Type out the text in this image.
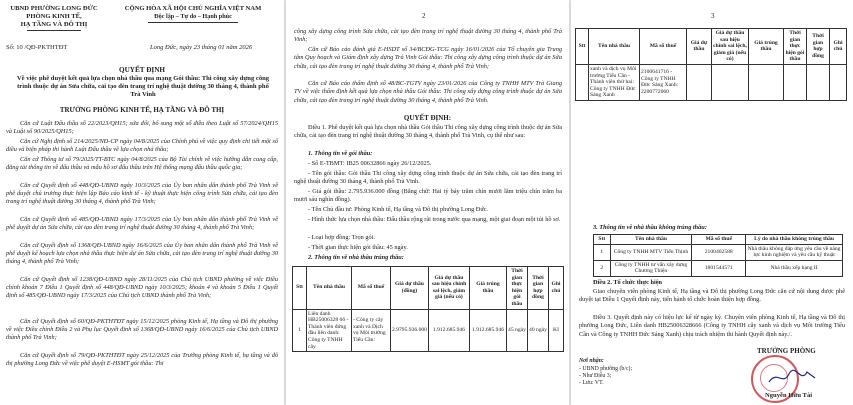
UBND PHƯỜNG LONG ĐỨC
PHÒNG KINH TẾ,
HẠ TẦNG VÀ ĐÔ THỊ
CỘNG HÒA XÃ HỘI CHỦ NGHĨA VIỆT NAM
Độc lập – Tự do – Hạnh phúc
Số: 10 /QĐ-PKTHTĐT	Long Đức, ngày 23 tháng 01 năm 2026
QUYẾT ĐỊNH
Về việc phê duyệt kết quả lựa chọn nhà thầu qua mạng Gói thầu: Thi công xây dựng công trình thuộc dự án Sửa chữa, cải tạo đèn trang trí nghệ thuật đường 30 tháng 4, thành phố Trà Vinh
TRƯỞNG PHÒNG KINH TẾ, HẠ TẦNG VÀ ĐÔ THỊ
Căn cứ Luật Đấu thầu số 22/2023/QH15; sửa đổi, bổ sung một số điều theo Luật số 57/2024/QH15 và Luật số 90/2025/QH15;
Căn cứ Nghị định số 214/2025/NĐ-CP ngày 04/8/2025 của Chính phủ về việc quy định chi tiết một số điều và biện pháp thi hành Luật Đấu thầu về lựa chọn nhà thầu;
Căn cứ Thông tư số 79/2025/TT-BTC ngày 04/8/2025 của Bộ Tài chính về việc hướng dẫn cung cấp, đăng tải thông tin về đấu thầu và mẫu hồ sơ đấu thầu trên Hệ thống mạng đấu thầu quốc gia;
Căn cứ Quyết định số 448/QĐ-UBND ngày 10/3/2025 của Ủy ban nhân dân thành phố Trà Vinh về phê duyệt chủ trương thực hiện lập Báo cáo kinh tế - kỹ thuật thực hiện công trình Sửa chữa, cải tạo đèn trang trí nghệ thuật đường 30 tháng 4, thành phố Trà Vinh;
Căn cứ Quyết định số 485/QĐ-UBND ngày 17/3/2025 của Ủy ban nhân dân thành phố Trà Vinh về phê duyệt dự án Sửa chữa, cải tạo đèn trang trí nghệ thuật đường 30 tháng 4, thành phố Trà Vinh;
Căn cứ Quyết định số 1368/QĐ-UBND ngày 16/6/2025 của Ủy ban nhân dân thành phố Trà Vinh về phê duyệt kế hoạch lựa chọn nhà thầu thực hiện dự án Sửa chữa, cải tạo đèn trang trí nghệ thuật đường 30 tháng 4, thành phố Trà Vinh;
Căn cứ Quyết định số 1238/QĐ-UBND ngày 28/11/2025 của Chủ tịch UBND phường về việc Điều chỉnh khoản 7 Điều 1 Quyết định số 448/QĐ-UBND ngày 10/3/2025; khoản 4 và khoản 5 Điều 1 Quyết định số 485/QĐ-UBND ngày 17/3/2025 của Chủ tịch UBND thành phố Trà Vinh;
Căn cứ Quyết định số 60/QĐ-PKTHTĐT ngày 15/12/2025 phòng Kinh tế, Hạ tầng và Đô thị phường về việc Điều chỉnh Điều 2 và Phụ lục Quyết định số 1368/QĐ-UBND ngày 16/6/2025 của Chủ tịch UBND thành phố Trà Vinh;
Căn cứ Quyết định số 79/QĐ-PKTHTĐT ngày 25/12/2025 của Trưởng phòng Kinh tế, hạ tầng và đô thị phường Long Đức về việc phê duyệt E-HSMT gói thầu: Thi
2
công xây dựng công trình Sửa chữa, cải tạo đèn trang trí nghệ thuật đường 30 tháng 4, thành phố Trà Vinh;
Căn cứ Báo cáo đánh giá E-HSDT số 34/BCĐG-TCG ngày 16/01/2026 của Tổ chuyên gia Trung tâm Quy hoạch và Giám định xây dựng Trà Vinh Gói thầu: Thi công xây dựng công trình thuộc dự án Sửa chữa, cải tạo đèn trang trí nghệ thuật đường 30 tháng 4, thành phố Trà Vinh;
Căn cứ Báo cáo thẩm định số 48/BC-TGTV ngày 23/01/2026 của Công ty TNHH MTV Trà Giang TV về việc thẩm định kết quả lựa chọn nhà thầu Gói thầu: Thi công xây dựng công trình thuộc dự án Sửa chữa, cải tạo đèn trang trí nghệ thuật đường 30 tháng 4, thành phố Trà Vinh.
QUYẾT ĐỊNH:
Điều 1. Phê duyệt kết quả lựa chọn nhà thầu Gói thầu Thi công xây dựng công trình thuộc dự án Sửa chữa, cải tạo đèn trang trí nghệ thuật đường 30 tháng 4, thành phố Trà Vinh, cụ thể như sau:
1. Thông tin về gói thầu:
- Số E-TBMT: IB25 00632866 ngày 26/12/2025.
- Tên gói thầu: Gói thầu Thi công xây dựng công trình thuộc dự án Sửa chữa, cải tạo đèn trang trí nghệ thuật đường 30 tháng 4, thành phố Trà Vinh.
- Giá gói thầu: 2.795.936.000 đồng (Bằng chữ: Hai tỷ bảy trăm chín mươi lăm triệu chín trăm ba mươi sáu nghìn đồng).
- Tên Chủ đầu tư: Phòng Kinh tế, Hạ tầng và Đô thị phường Long Đức.
- Hình thức lựa chọn nhà thầu: Đấu thầu rộng rãi trong nước qua mạng, một giai đoạn một túi hồ sơ.
- Loại hợp đồng: Trọn gói.
- Thời gian thực hiện gói thầu: 45 ngày.
2. Thông tin về nhà thầu trúng thầu:
Stt	Tên nhà thầu	Mã số thuế	Giá dự thầu (đồng)	Giá dự thầu sau hiệu chỉnh sai lệch, giảm giá (nếu có)	Giá trúng thầu	Thời gian thực hiện gói thầu	Thời gian hợp đồng	Ghi chú
1	Liên danh HB25006328 66 - Thành viên đứng đầu liên danh: Công ty TNHH cây	- Công ty cây xanh và Dịch vụ Môi trường Tiểu Cần:	2.9795.936.000	1.912.685.946	1.912.685.946	45 ngày	40 ngày	KI
3
Stt	Tên nhà thầu	Mã số thuế	Giá dự thầu	Giá dự thầu sau hiệu chỉnh sai lệch, giảm giá (nếu có)	Giá trúng thầu	Thời gian thực hiện gói thầu	Thời gian hợp đồng	Ghi chú
	xanh và dịch vụ Môi trường Tiểu Cần - Thành viên thứ hai: Công ty TNHH Đức Sáng Xanh	2100641716 - Công ty TNHH Đức Sáng Xanh: 2200772060						
3. Thông tin về nhà thầu không trúng thầu:
Stt	Tên nhà thầu	Mã số thuế	Lý do nhà thầu không trúng thầu
1	Công ty TNHH MTV Tiến Thịnh	2100402588	Nhà thầu không đáp ứng yêu cầu về năng lực kinh nghiệm và yêu cầu kỹ thuật
2	Công ty TNHH tư vấn xây dựng Chương Thiện	1801544571	Nhà thầu xếp hạng II
Điều 2. Tổ chức thực hiện
Giao chuyên viên phòng Kinh tế, Hạ tầng và Đô thị phường Long Đức căn cứ nội dung được phê duyệt tại Điều 1 Quyết định này, tiến hành tổ chức hoàn thiện hợp đồng.
Điều 3. Quyết định này có hiệu lực kể từ ngày ký. Chuyên viên phòng Kinh tế, Hạ tầng và Đô thị phường Long Đức, Liên danh HB25006328666 (Công ty TNHH cây xanh và dịch vụ Môi trường Tiểu Cần và Công ty TNHH Đức Sáng Xanh) chịu trách nhiệm thi hành Quyết định này./.
Nơi nhận:
- UBND phường (b/c);
- Như Điều 3;
- Lưu: VT.
TRƯỞNG PHÒNG
Nguyễn Hữu Tài
